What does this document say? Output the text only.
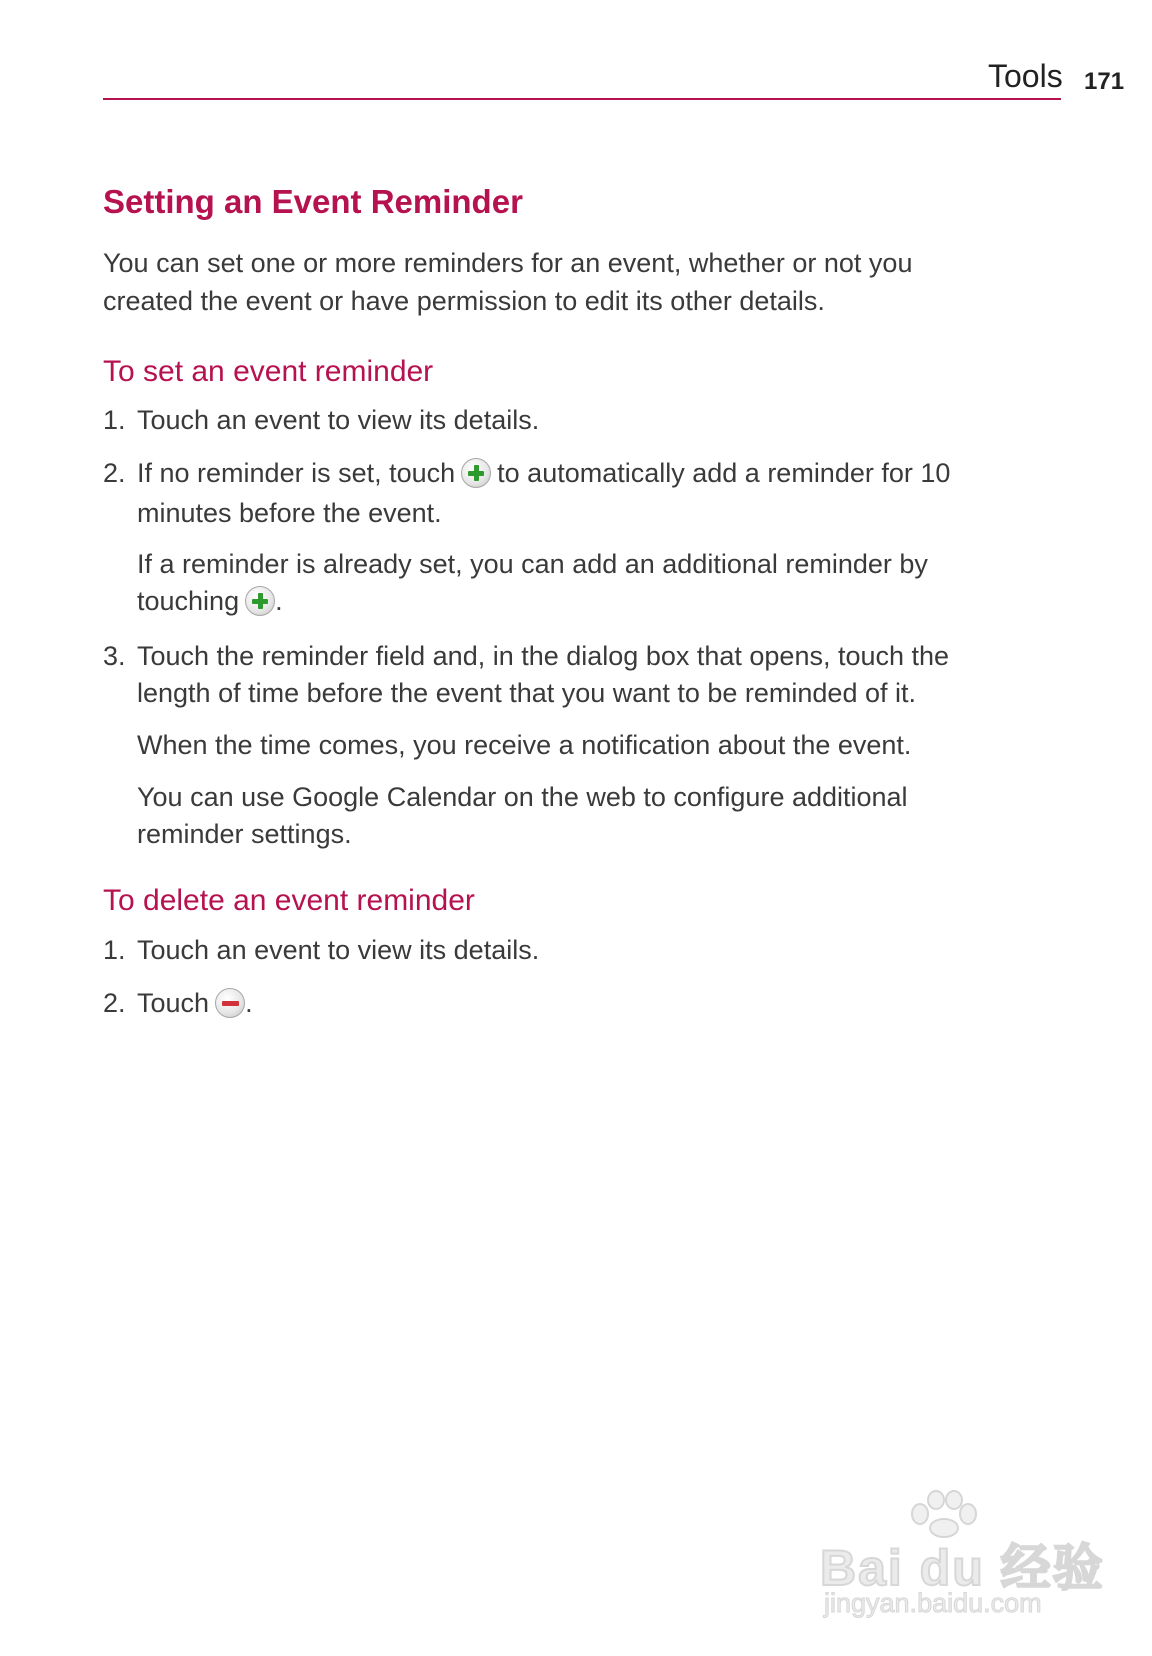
Tools 171
Setting an Event Reminder
You can set one or more reminders for an event, whether or not you
created the event or have permission to edit its other details.
To set an event reminder
1. Touch an event to view its details.
2. If no reminder is set, touch to automatically add a reminder for 10
minutes before the event.
If a reminder is already set, you can add an additional reminder by
touching .
3. Touch the reminder field and, in the dialog box that opens, touch the
length of time before the event that you want to be reminded of it.
When the time comes, you receive a notification about the event.
You can use Google Calendar on the web to configure additional
reminder settings.
To delete an event reminder
1. Touch an event to view its details.
2. Touch .
Bai du 经验
jingyan.baidu.com
